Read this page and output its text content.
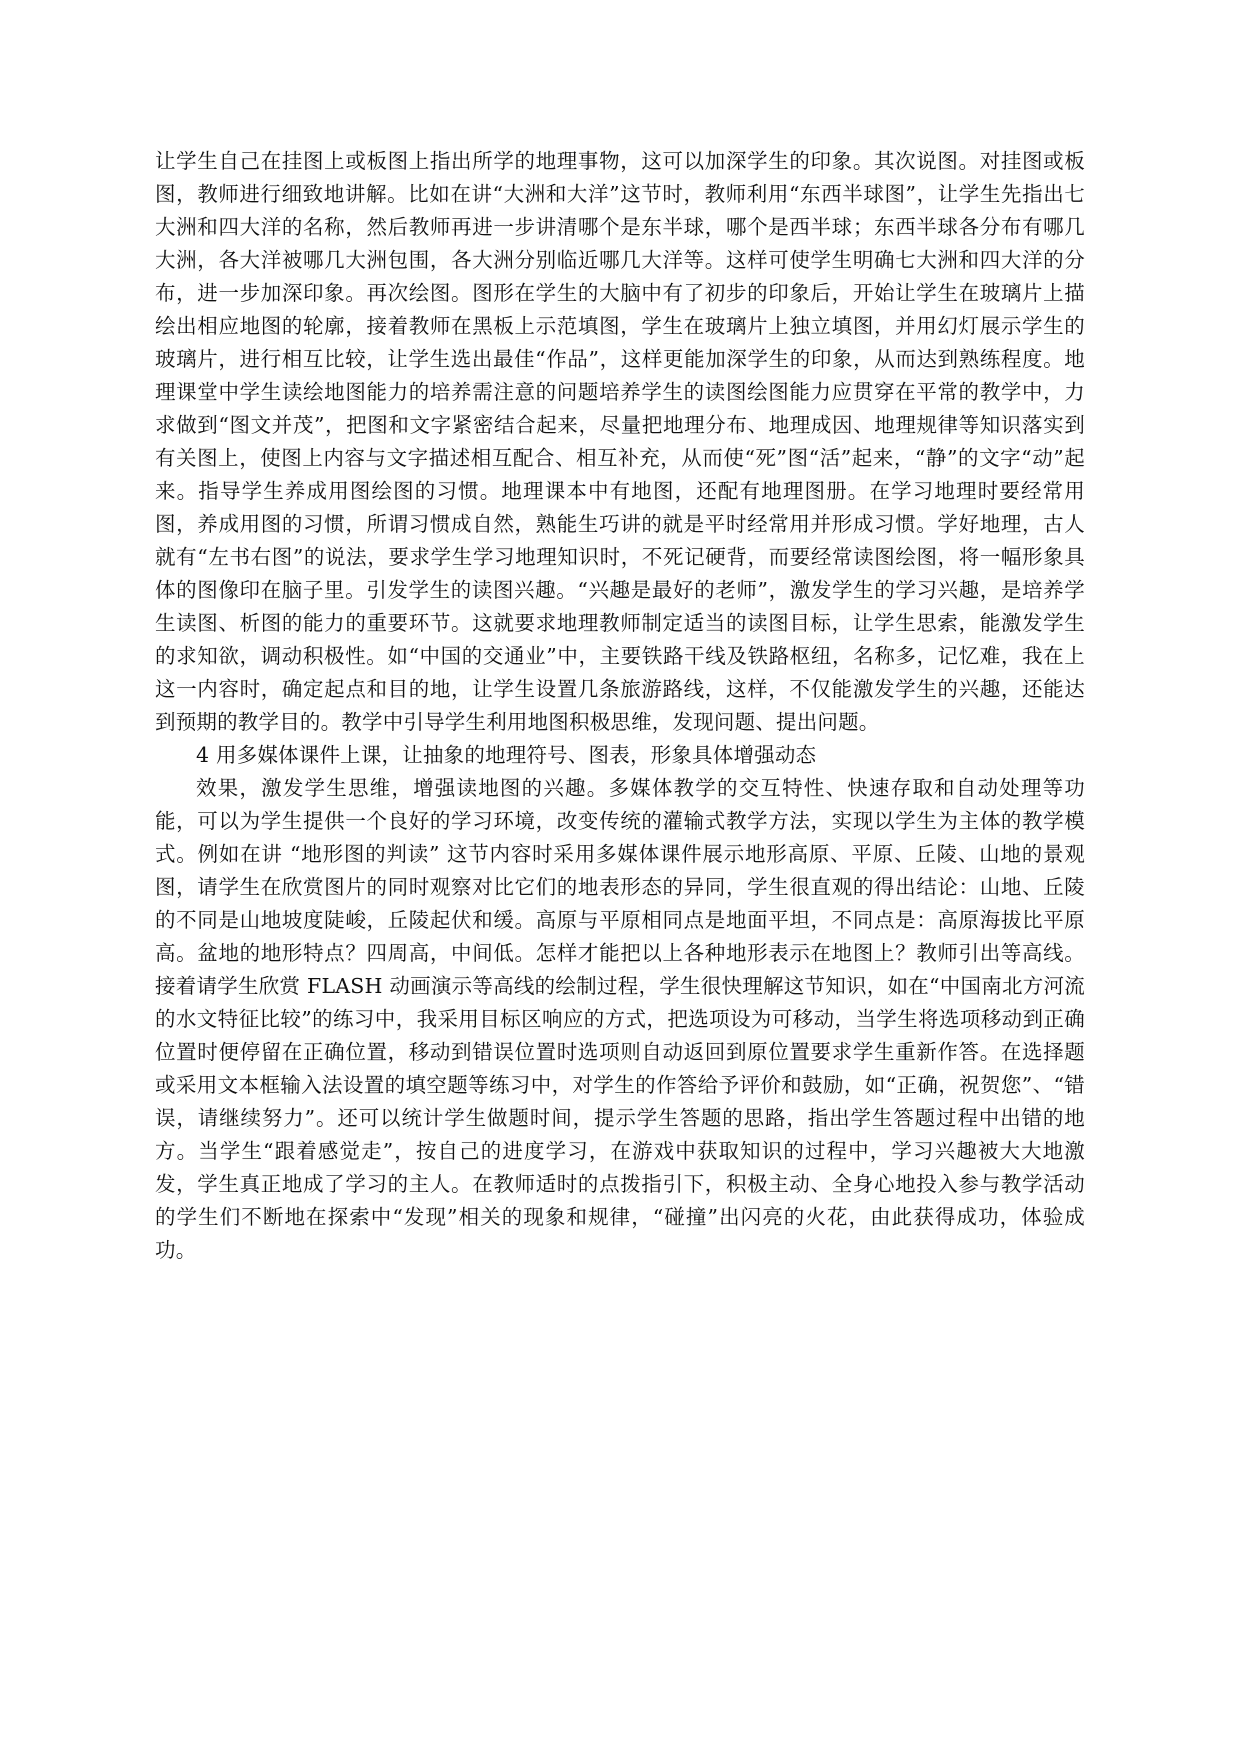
让学生自己在挂图上或板图上指出所学的地理事物，这可以加深学生的印象。其次说图。对挂图或板图，教师进行细致地讲解。比如在讲“大洲和大洋”这节时，教师利用“东西半球图”，让学生先指出七大洲和四大洋的名称，然后教师再进一步讲清哪个是东半球，哪个是西半球；东西半球各分布有哪几大洲，各大洋被哪几大洲包围，各大洲分别临近哪几大洋等。这样可使学生明确七大洲和四大洋的分布，进一步加深印象。再次绘图。图形在学生的大脑中有了初步的印象后，开始让学生在玻璃片上描绘出相应地图的轮廓，接着教师在黑板上示范填图，学生在玻璃片上独立填图，并用幻灯展示学生的玻璃片，进行相互比较，让学生选出最佳“作品”，这样更能加深学生的印象，从而达到熟练程度。地理课堂中学生读绘地图能力的培养需注意的问题培养学生的读图绘图能力应贯穿在平常的教学中，力求做到“图文并茂”，把图和文字紧密结合起来，尽量把地理分布、地理成因、地理规律等知识落实到有关图上，使图上内容与文字描述相互配合、相互补充，从而使“死”图“活”起来，“静”的文字“动”起来。指导学生养成用图绘图的习惯。地理课本中有地图，还配有地理图册。在学习地理时要经常用图，养成用图的习惯，所谓习惯成自然，熟能生巧讲的就是平时经常用并形成习惯。学好地理，古人就有“左书右图”的说法，要求学生学习地理知识时，不死记硬背，而要经常读图绘图，将一幅形象具体的图像印在脑子里。引发学生的读图兴趣。“兴趣是最好的老师”，激发学生的学习兴趣，是培养学生读图、析图的能力的重要环节。这就要求地理教师制定适当的读图目标，让学生思索，能激发学生的求知欲，调动积极性。如“中国的交通业”中，主要铁路干线及铁路枢纽，名称多，记忆难，我在上这一内容时，确定起点和目的地，让学生设置几条旅游路线，这样，不仅能激发学生的兴趣，还能达到预期的教学目的。教学中引导学生利用地图积极思维，发现问题、提出问题。

4 用多媒体课件上课，让抽象的地理符号、图表，形象具体增强动态

效果，激发学生思维，增强读地图的兴趣。多媒体教学的交互特性、快速存取和自动处理等功能，可以为学生提供一个良好的学习环境，改变传统的灌输式教学方法，实现以学生为主体的教学模式。例如在讲 “地形图的判读” 这节内容时采用多媒体课件展示地形高原、平原、丘陵、山地的景观图，请学生在欣赏图片的同时观察对比它们的地表形态的异同，学生很直观的得出结论：山地、丘陵的不同是山地坡度陡峻，丘陵起伏和缓。高原与平原相同点是地面平坦，不同点是：高原海拔比平原高。盆地的地形特点？四周高，中间低。怎样才能把以上各种地形表示在地图上？教师引出等高线。接着请学生欣赏 FLASH 动画演示等高线的绘制过程，学生很快理解这节知识，如在“中国南北方河流的水文特征比较”的练习中，我采用目标区响应的方式，把选项设为可移动，当学生将选项移动到正确位置时便停留在正确位置，移动到错误位置时选项则自动返回到原位置要求学生重新作答。在选择题或采用文本框输入法设置的填空题等练习中，对学生的作答给予评价和鼓励，如“正确，祝贺您”、“错误，请继续努力”。还可以统计学生做题时间，提示学生答题的思路，指出学生答题过程中出错的地方。当学生“跟着感觉走”，按自己的进度学习，在游戏中获取知识的过程中，学习兴趣被大大地激发，学生真正地成了学习的主人。在教师适时的点拨指引下，积极主动、全身心地投入参与教学活动的学生们不断地在探索中“发现”相关的现象和规律，“碰撞”出闪亮的火花，由此获得成功，体验成功。
